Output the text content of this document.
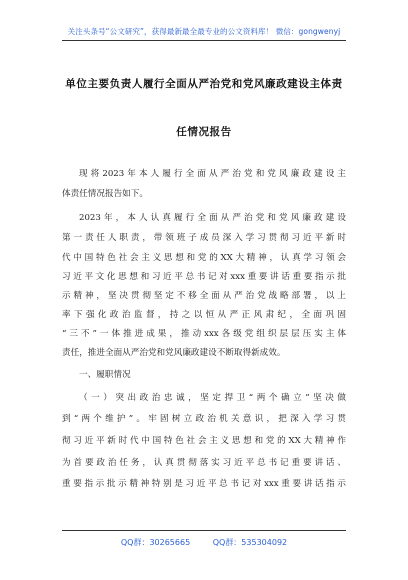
关注头条号“公文研究”，获得最新最全最专业的公文资料库！ 微信：gongwenyj
单位主要负责人履行全面从严治党和党风廉政建设主体责
任情况报告
现将2023年本人履行全面从严治党和党风廉政建设主
体责任情况报告如下。
2023年，本人认真履行全面从严治党和党风廉政建设
第一责任人职责，带领班子成员深入学习贯彻习近平新时
代中国特色社会主义思想和党的XX大精神，认真学习领会
习近平文化思想和习近平总书记对xxx重要讲话重要指示批
示精神，坚决贯彻坚定不移全面从严治党战略部署，以上
率下强化政治监督，持之以恒从严正风肃纪，全面巩固
“三不”一体推进成果，推动xxx各级党组织层层压实主体
责任，推进全面从严治党和党风廉政建设不断取得新成效。
一、履职情况
（一）突出政治忠诚，坚定捍卫“两个确立”坚决做
到“两个维护”。牢固树立政治机关意识，把深入学习贯
彻习近平新时代中国特色社会主义思想和党的XX大精神作
为首要政治任务，认真贯彻落实习近平总书记重要讲话、
重要指示批示精神特别是习近平总书记对xxx重要讲话指示
QQ群：30265665	QQ群：535304092
